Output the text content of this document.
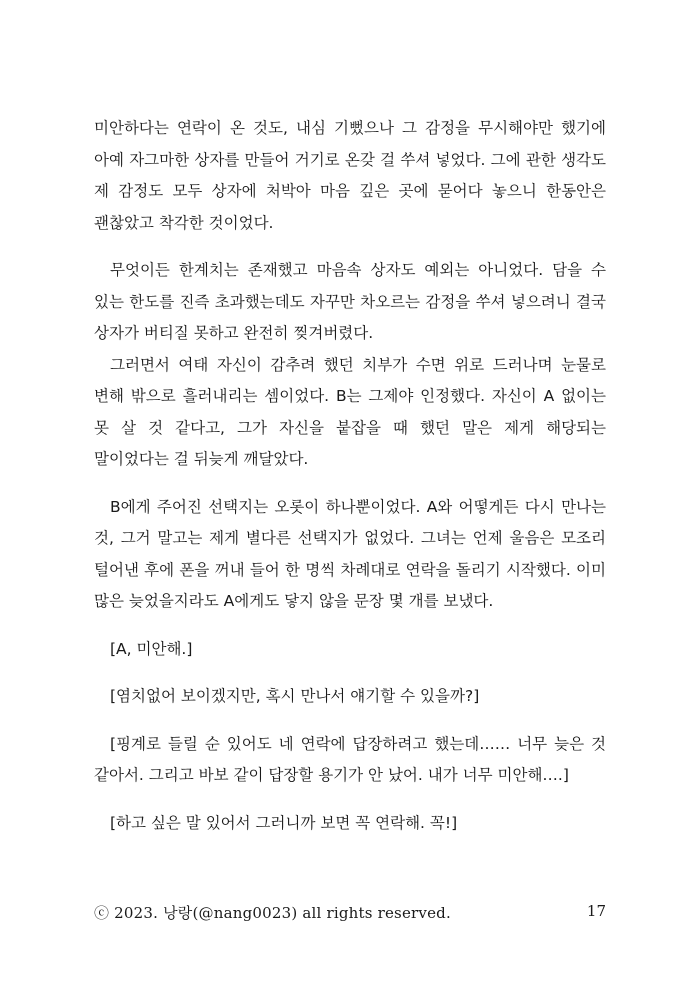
미안하다는 연락이 온 것도, 내심 기뻤으나 그 감정을 무시해야만 했기에 아예 자그마한 상자를 만들어 거기로 온갖 걸 쑤셔 넣었다. 그에 관한 생각도 제 감정도 모두 상자에 처박아 마음 깊은 곳에 묻어다 놓으니 한동안은 괜찮았고 착각한 것이었다.

무엇이든 한계치는 존재했고 마음속 상자도 예외는 아니었다. 담을 수 있는 한도를 진즉 초과했는데도 자꾸만 차오르는 감정을 쑤셔 넣으려니 결국 상자가 버티질 못하고 완전히 찢겨버렸다.

그러면서 여태 자신이 감추려 했던 치부가 수면 위로 드러나며 눈물로 변해 밖으로 흘러내리는 셈이었다. B는 그제야 인정했다. 자신이 A 없이는 못 살 것 같다고, 그가 자신을 붙잡을 때 했던 말은 제게 해당되는 말이었다는 걸 뒤늦게 깨달았다.

B에게 주어진 선택지는 오롯이 하나뿐이었다. A와 어떻게든 다시 만나는 것, 그거 말고는 제게 별다른 선택지가 없었다. 그녀는 언제 울음은 모조리 털어낸 후에 폰을 꺼내 들어 한 명씩 차례대로 연락을 돌리기 시작했다. 이미 많은 늦었을지라도 A에게도 닿지 않을 문장 몇 개를 보냈다.

[A, 미안해.]

[염치없어 보이겠지만, 혹시 만나서 얘기할 수 있을까?]

[핑계로 들릴 순 있어도 네 연락에 답장하려고 했는데…… 너무 늦은 것 같아서. 그리고 바보 같이 답장할 용기가 안 났어. 내가 너무 미안해….]

[하고 싶은 말 있어서 그러니까 보면 꼭 연락해. 꼭!]

ⓒ 2023. 낭랑(@nang0023) all rights reserved.	17
